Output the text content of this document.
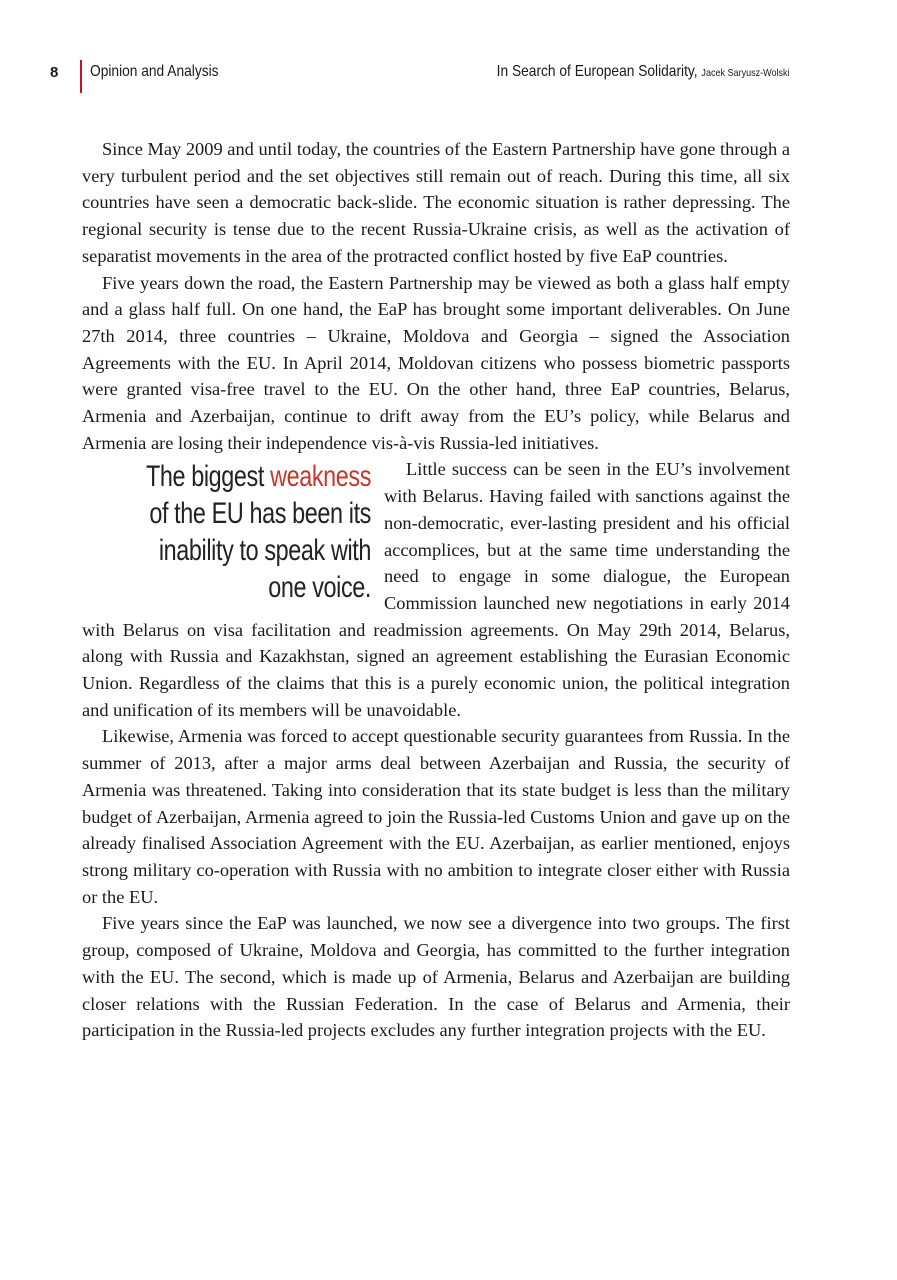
8 Opinion and Analysis	In Search of European Solidarity, Jacek Saryusz-Wolski

Since May 2009 and until today, the countries of the Eastern Partnership have gone through a very turbulent period and the set objectives still remain out of reach. During this time, all six countries have seen a democratic back-slide. The economic situation is rather depressing. The regional security is tense due to the recent Russia-Ukraine crisis, as well as the activation of separatist movements in the area of the protracted conflict hosted by five EaP countries.

Five years down the road, the Eastern Partnership may be viewed as both a glass half empty and a glass half full. On one hand, the EaP has brought some important deliverables. On June 27th 2014, three countries – Ukraine, Moldova and Georgia – signed the Association Agreements with the EU. In April 2014, Moldovan citizens who possess biometric passports were granted visa-free travel to the EU. On the other hand, three EaP countries, Belarus, Armenia and Azerbaijan, continue to drift away from the EU’s policy, while Belarus and Armenia are losing their independence vis-à-vis Russia-led initiatives.

The biggest weakness of the EU has been its inability to speak with one voice.

Little success can be seen in the EU’s involvement with Belarus. Having failed with sanctions against the non-democratic, ever-lasting president and his official accomplices, but at the same time understanding the need to engage in some dialogue, the European Commission launched new negotiations in early 2014 with Belarus on visa facilitation and readmission agreements. On May 29th 2014, Belarus, along with Russia and Kazakhstan, signed an agreement establishing the Eurasian Economic Union. Regardless of the claims that this is a purely economic union, the political integration and unification of its members will be unavoidable.

Likewise, Armenia was forced to accept questionable security guarantees from Russia. In the summer of 2013, after a major arms deal between Azerbaijan and Russia, the security of Armenia was threatened. Taking into consideration that its state budget is less than the military budget of Azerbaijan, Armenia agreed to join the Russia-led Customs Union and gave up on the already finalised Association Agreement with the EU. Azerbaijan, as earlier mentioned, enjoys strong military co-operation with Russia with no ambition to integrate closer either with Russia or the EU.

Five years since the EaP was launched, we now see a divergence into two groups. The first group, composed of Ukraine, Moldova and Georgia, has committed to the further integration with the EU. The second, which is made up of Armenia, Belarus and Azerbaijan are building closer relations with the Russian Federation. In the case of Belarus and Armenia, their participation in the Russia-led projects excludes any further integration projects with the EU.
